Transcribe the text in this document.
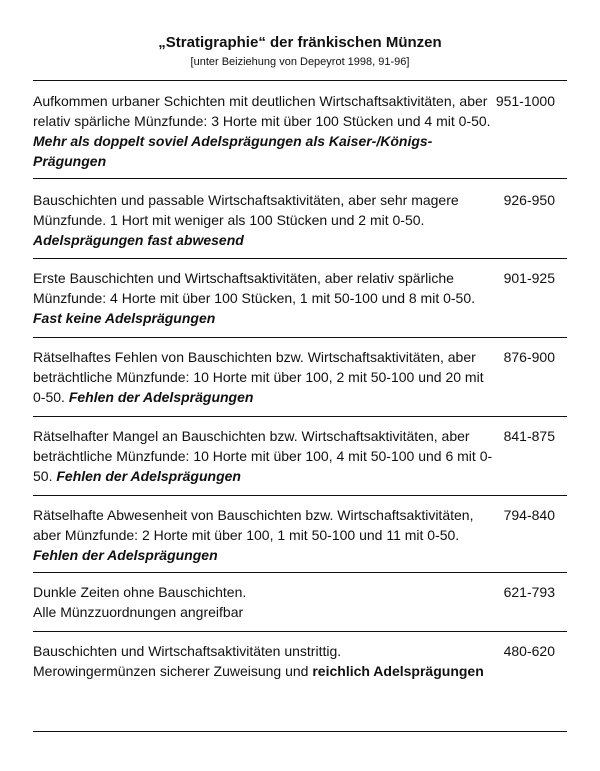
„Stratigraphie“ der fränkischen Münzen
[unter Beiziehung von Depeyrot 1998, 91-96]
Aufkommen urbaner Schichten mit deutlichen Wirtschaftsaktivitäten, aber relativ spärliche Münzfunde: 3 Horte mit über 100 Stücken und 4 mit 0-50. Mehr als doppelt soviel Adelsprägungen als Kaiser-/Königs-Prägungen
951-1000
Bauschichten und passable Wirtschaftsaktivitäten, aber sehr magere Münzfunde. 1 Hort mit weniger als 100 Stücken und 2 mit 0-50. Adelsprägungen fast abwesend
926-950
Erste Bauschichten und Wirtschaftsaktivitäten, aber relativ spärliche Münzfunde: 4 Horte mit über 100 Stücken, 1 mit 50-100 und 8 mit 0-50. Fast keine Adelsprägungen
901-925
Rätselhaftes Fehlen von Bauschichten bzw. Wirtschaftsaktivitäten, aber beträchtliche Münzfunde: 10 Horte mit über 100, 2 mit 50-100 und 20 mit 0-50. Fehlen der Adelsprägungen
876-900
Rätselhafter Mangel an Bauschichten bzw. Wirtschaftsaktivitäten, aber beträchtliche Münzfunde: 10 Horte mit über 100, 4 mit 50-100 und 6 mit 0-50. Fehlen der Adelsprägungen
841-875
Rätselhafte Abwesenheit von Bauschichten bzw. Wirtschaftsaktivitäten, aber Münzfunde: 2 Horte mit über 100, 1 mit 50-100 und 11 mit 0-50. Fehlen der Adelsprägungen
794-840
Dunkle Zeiten ohne Bauschichten.
Alle Münzzuordnungen angreifbar
621-793
Bauschichten und Wirtschaftsaktivitäten unstrittig.
Merowingermünzen sicherer Zuweisung und reichlich Adelsprägungen
480-620
